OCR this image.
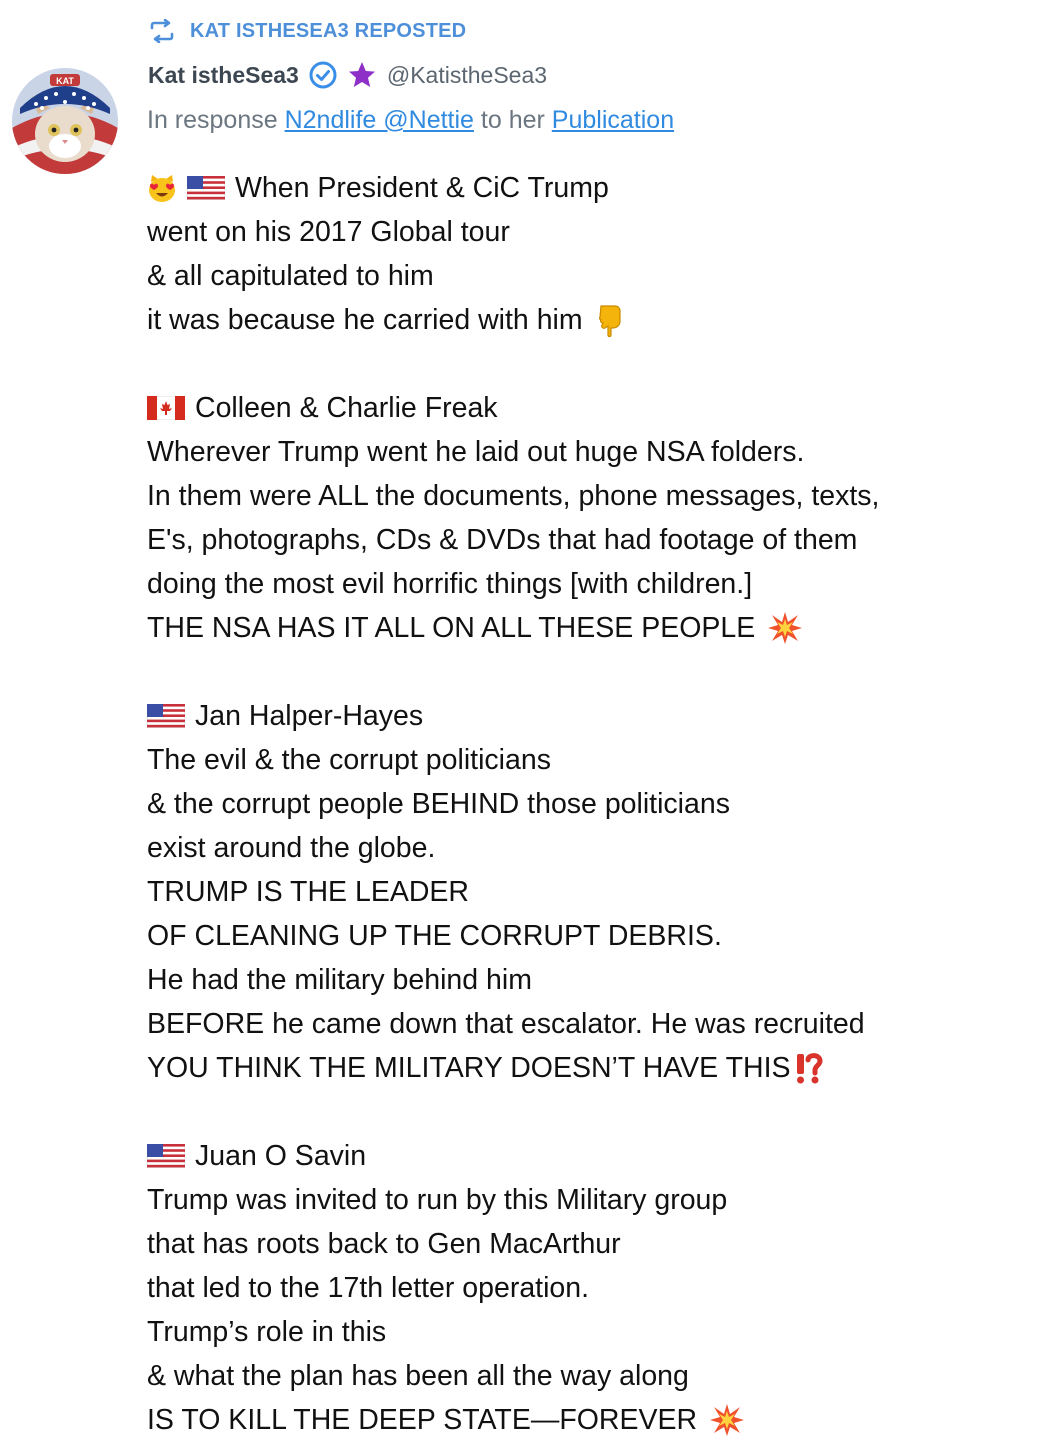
KAT ISTHESEA3 REPOSTED
KAT	Kat istheSea3	@KatistheSea3
In response N2ndlife @Nettie to her Publication
When President & CiC Trump
went on his 2017 Global tour
& all capitulated to him
it was because he carried with him
Colleen & Charlie Freak
Wherever Trump went he laid out huge NSA folders.
In them were ALL the documents, phone messages, texts,
E's, photographs, CDs & DVDs that had footage of them
doing the most evil horrific things [with children.]
THE NSA HAS IT ALL ON ALL THESE PEOPLE
Jan Halper-Hayes
The evil & the corrupt politicians
& the corrupt people BEHIND those politicians
exist around the globe.
TRUMP IS THE LEADER
OF CLEANING UP THE CORRUPT DEBRIS.
He had the military behind him
BEFORE he came down that escalator. He was recruited
YOU THINK THE MILITARY DOESN’T HAVE THIS
Juan O Savin
Trump was invited to run by this Military group
that has roots back to Gen MacArthur
that led to the 17th letter operation.
Trump’s role in this
& what the plan has been all the way along
IS TO KILL THE DEEP STATE—FOREVER
